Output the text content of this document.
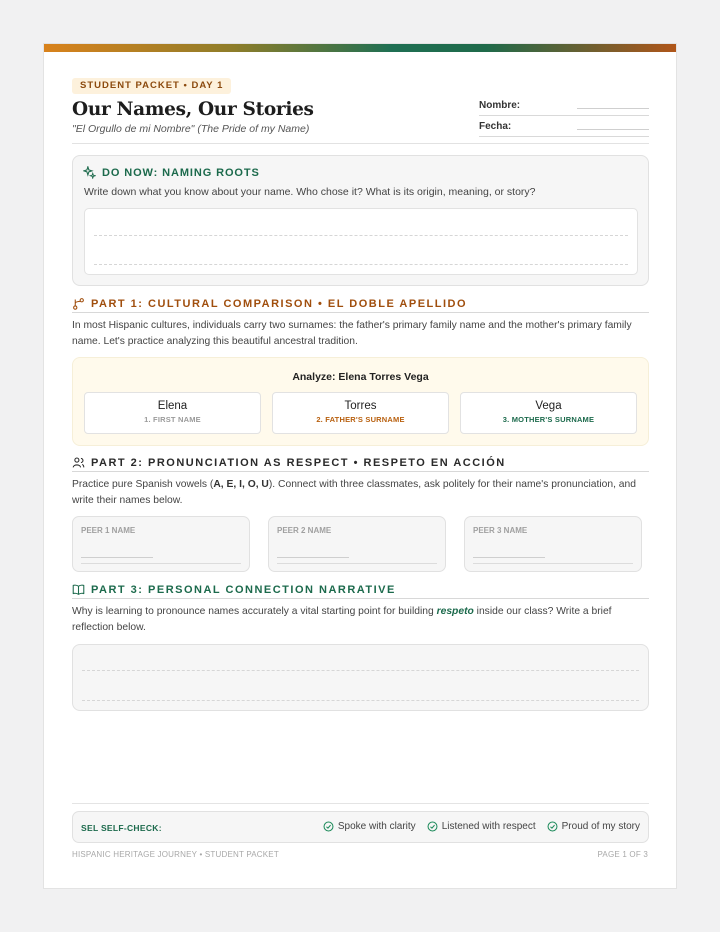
STUDENT PACKET • DAY 1
Our Names, Our Stories
"El Orgullo de mi Nombre" (The Pride of my Name)
Nombre:
Fecha:
DO NOW: NAMING ROOTS
Write down what you know about your name. Who chose it? What is its origin, meaning, or story?
PART 1: CULTURAL COMPARISON • EL DOBLE APELLIDO
In most Hispanic cultures, individuals carry two surnames: the father's primary family name and the mother's primary family name. Let's practice analyzing this beautiful ancestral tradition.
Analyze: Elena Torres Vega
Elena
1. FIRST NAME
Torres
2. FATHER'S SURNAME
Vega
3. MOTHER'S SURNAME
PART 2: PRONUNCIATION AS RESPECT • RESPETO EN ACCIÓN
Practice pure Spanish vowels (A, E, I, O, U). Connect with three classmates, ask politely for their name's pronunciation, and write their names below.
PEER 1 NAME	PEER 2 NAME	PEER 3 NAME
PART 3: PERSONAL CONNECTION NARRATIVE
Why is learning to pronounce names accurately a vital starting point for building respeto inside our class? Write a brief reflection below.
SEL SELF-CHECK:	Spoke with clarity	Listened with respect	Proud of my story
HISPANIC HERITAGE JOURNEY • STUDENT PACKET	PAGE 1 OF 3
